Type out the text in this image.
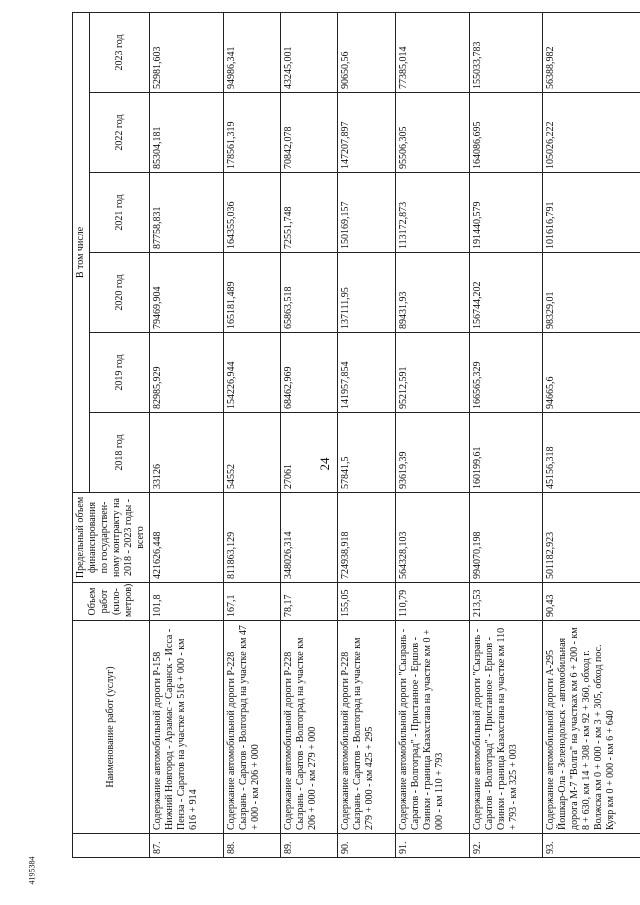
24
4195384
	Наименование работ (услуг)	Объем работ (кило-метров)	Предельный объем финансирования по государствен-ному контракту на 2018 - 2023 годы - всего	В том числе					
				2018 год	2019 год	2020 год	2021 год	2022 год	2023 год
87.	Содержание автомобильной дороги Р-158 Нижний Новгород - Арзамас - Саранск - Исса - Пенза - Саратов на участке км 516 + 000 - км 616 + 914	101,8	421626,448	33126	82985,929	79469,904	87758,831	85304,181	52981,603
88.	Содержание автомобильной дороги Р-228 Сызрань - Саратов - Волгоград на участке км 47 + 000 - км 206 + 000	167,1	811863,129	54552	154226,944	165181,489	164355,036	178561,319	94986,341
89.	Содержание автомобильной дороги Р-228 Сызрань - Саратов - Волгоград на участке км 206 + 000 - км 279 + 000	78,17	348026,314	27061	68462,969	65863,518	72551,748	70842,078	43245,001
90.	Содержание автомобильной дороги Р-228 Сызрань - Саратов - Волгоград на участке км 279 + 000 - км 425 + 295	155,05	724938,918	57841,5	141957,854	137111,95	150169,157	147207,897	90650,56
91.	Содержание автомобильной дороги "Сызрань - Саратов - Волгоград" - Пристанное - Ершов - Озинки - граница Казахстана на участке км 0 + 000 - км 110 + 793	110,79	564328,103	93619,39	95212,591	89431,93	113172,873	95506,305	77385,014
92.	Содержание автомобильной дороги "Сызрань - Саратов - Волгоград" - Пристанное - Ершов - Озинки - граница Казахстана на участке км 110 + 793 - км 325 + 003	213,53	994070,198	160199,61	166565,329	156744,202	191440,579	164086,695	155033,783
93.	Содержание автомобильной дороги А-295 Йошкар-Ола - Зеленодольск - автомобильная дорога М-7 "Волга" на участках км 6 + 200 - км 8 + 630, км 14 + 308 - км 92 + 360, обход г. Волжска км 0 + 000 - км 3 + 305, обход пос. Куяр км 0 + 000 - км 6 + 640	90,43	501182,923	45156,318	94665,6	98329,01	101616,791	105026,222	56388,982
